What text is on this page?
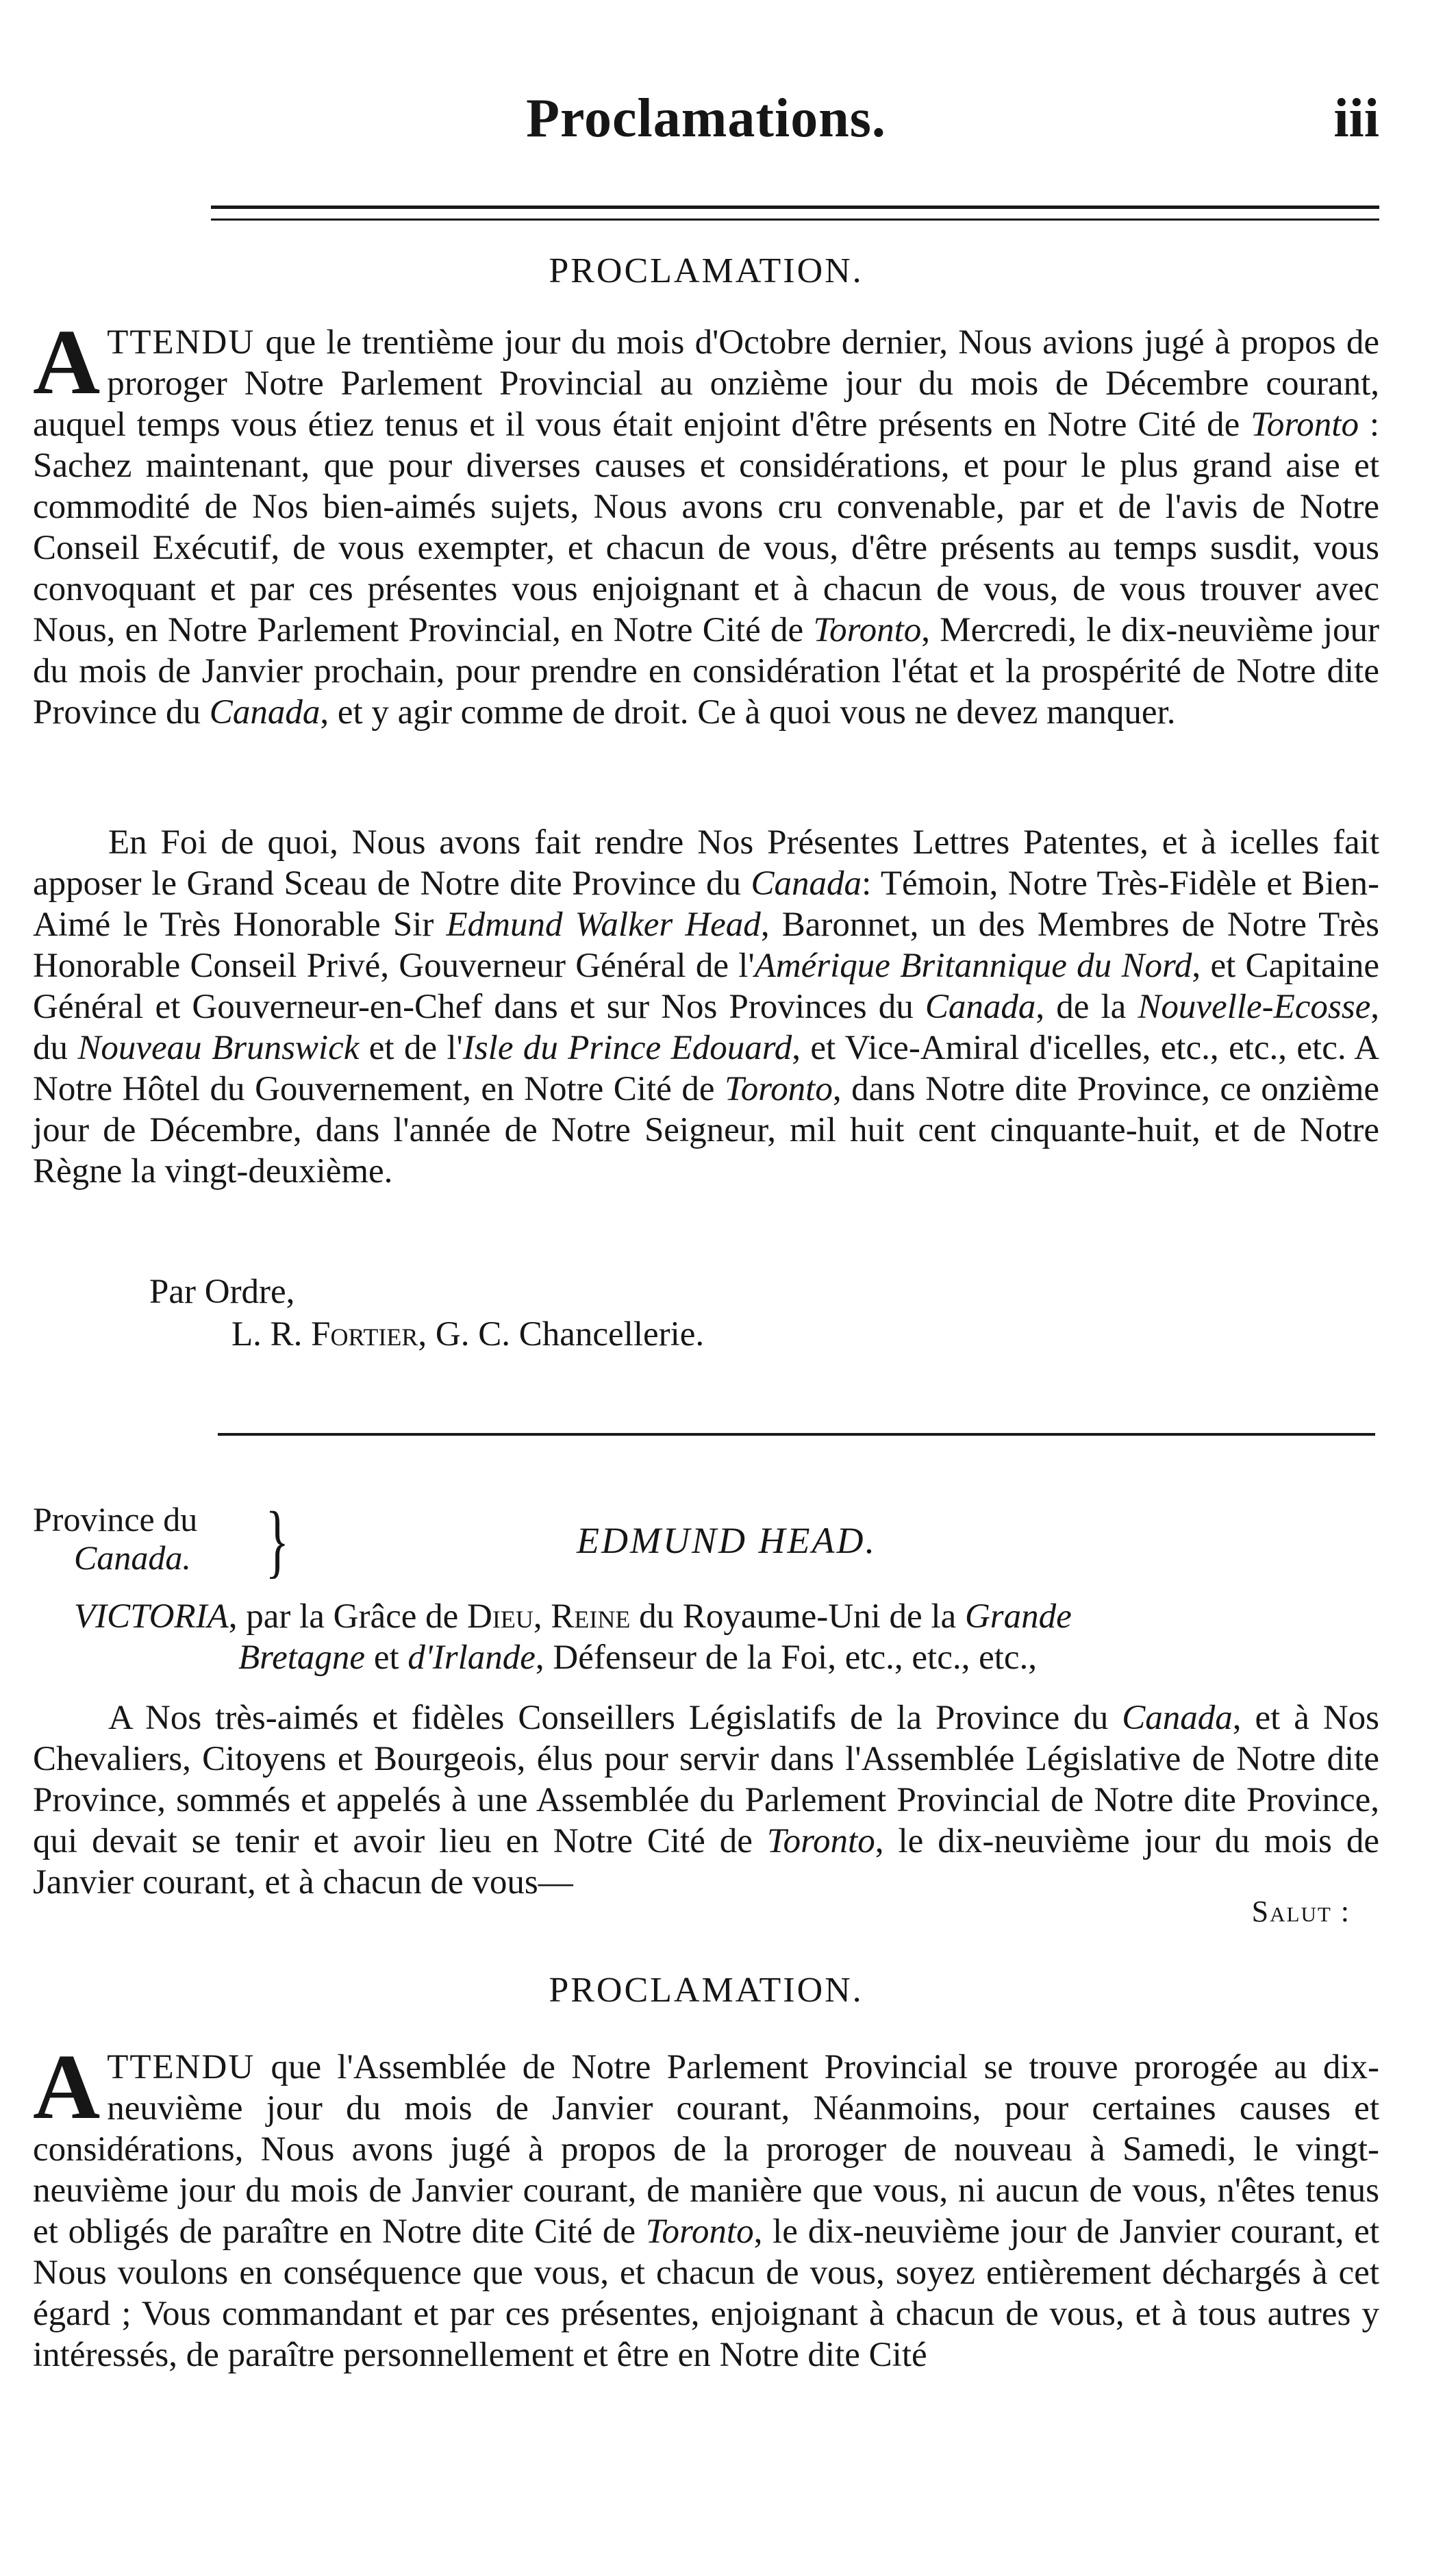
Proclamations.	iii
PROCLAMATION.

ATTENDU que le trentième jour du mois d'Octobre dernier, Nous avions jugé à propos de proroger Notre Parlement Provincial au onzième jour du mois de Décembre courant, auquel temps vous étiez tenus et il vous était enjoint d'être présents en Notre Cité de Toronto : Sachez maintenant, que pour diverses causes et considérations, et pour le plus grand aise et commodité de Nos bien-aimés sujets, Nous avons cru convenable, par et de l'avis de Notre Conseil Exécutif, de vous exempter, et chacun de vous, d'être présents au temps susdit, vous convoquant et par ces présentes vous enjoignant et à chacun de vous, de vous trouver avec Nous, en Notre Parlement Provincial, en Notre Cité de Toronto, Mercredi, le dix-neuvième jour du mois de Janvier prochain, pour prendre en considération l'état et la prospérité de Notre dite Province du Canada, et y agir comme de droit. Ce à quoi vous ne devez manquer.

En Foi de quoi, Nous avons fait rendre Nos Présentes Lettres Patentes, et à icelles fait apposer le Grand Sceau de Notre dite Province du Canada: Témoin, Notre Très-Fidèle et Bien-Aimé le Très Honorable Sir Edmund Walker Head, Baronnet, un des Membres de Notre Très Honorable Conseil Privé, Gouverneur Général de l'Amérique Britannique du Nord, et Capitaine Général et Gouverneur-en-Chef dans et sur Nos Provinces du Canada, de la Nouvelle-Ecosse, du Nouveau Brunswick et de l'Isle du Prince Edouard, et Vice-Amiral d'icelles, etc., etc., etc. A Notre Hôtel du Gouvernement, en Notre Cité de Toronto, dans Notre dite Province, ce onzième jour de Décembre, dans l'année de Notre Seigneur, mil huit cent cinquante-huit, et de Notre Règne la vingt-deuxième.

Par Ordre,
L. R. Fortier, G. C. Chancellerie.
Province du
Canada. }	EDMUND HEAD.

VICTORIA, par la Grâce de Dieu, Reine du Royaume-Uni de la Grande

Bretagne et d'Irlande, Défenseur de la Foi, etc., etc., etc.,

A Nos très-aimés et fidèles Conseillers Législatifs de la Province du Canada, et à Nos Chevaliers, Citoyens et Bourgeois, élus pour servir dans l'Assemblée Législative de Notre dite Province, sommés et appelés à une Assemblée du Parlement Provincial de Notre dite Province, qui devait se tenir et avoir lieu en Notre Cité de Toronto, le dix-neuvième jour du mois de Janvier courant, et à chacun de vous—

Salut :
PROCLAMATION.

ATTENDU que l'Assemblée de Notre Parlement Provincial se trouve prorogée au dix-neuvième jour du mois de Janvier courant, Néanmoins, pour certaines causes et considérations, Nous avons jugé à propos de la proroger de nouveau à Samedi, le vingt-neuvième jour du mois de Janvier courant, de manière que vous, ni aucun de vous, n'êtes tenus et obligés de paraître en Notre dite Cité de Toronto, le dix-neuvième jour de Janvier courant, et Nous voulons en conséquence que vous, et chacun de vous, soyez entièrement déchargés à cet égard ; Vous commandant et par ces présentes, enjoignant à chacun de vous, et à tous autres y intéressés, de paraître personnellement et être en Notre dite Cité
